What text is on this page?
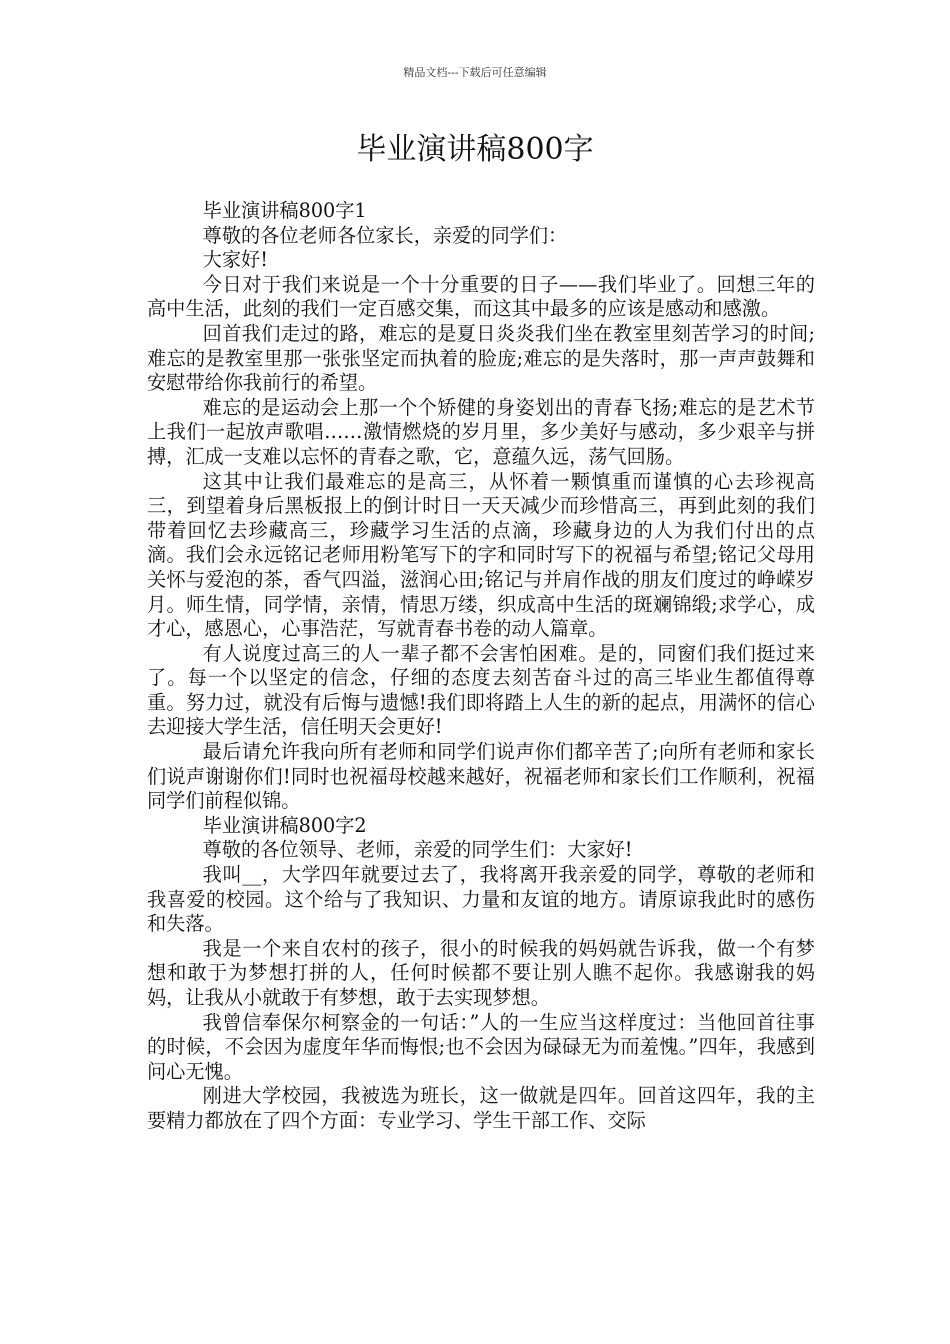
精品文档---下载后可任意编辑
毕业演讲稿800字

毕业演讲稿800字1

尊敬的各位老师各位家长，亲爱的同学们：

大家好!

今日对于我们来说是一个十分重要的日子——我们毕业了。回想三年的高中生活，此刻的我们一定百感交集，而这其中最多的应该是感动和感激。

回首我们走过的路，难忘的是夏日炎炎我们坐在教室里刻苦学习的时间;难忘的是教室里那一张张坚定而执着的脸庞;难忘的是失落时，那一声声鼓舞和安慰带给你我前行的希望。

难忘的是运动会上那一个个矫健的身姿划出的青春飞扬;难忘的是艺术节上我们一起放声歌唱……激情燃烧的岁月里，多少美好与感动，多少艰辛与拼搏，汇成一支难以忘怀的青春之歌，它，意蕴久远，荡气回肠。

这其中让我们最难忘的是高三，从怀着一颗慎重而谨慎的心去珍视高三，到望着身后黑板报上的倒计时日一天天减少而珍惜高三，再到此刻的我们带着回忆去珍藏高三，珍藏学习生活的点滴，珍藏身边的人为我们付出的点滴。我们会永远铭记老师用粉笔写下的字和同时写下的祝福与希望;铭记父母用关怀与爱泡的茶，香气四溢，滋润心田;铭记与并肩作战的朋友们度过的峥嵘岁月。师生情，同学情，亲情，情思万缕，织成高中生活的斑斓锦缎;求学心，成才心，感恩心，心事浩茫，写就青春书卷的动人篇章。

有人说度过高三的人一辈子都不会害怕困难。是的，同窗们我们挺过来了。每一个以坚定的信念，仔细的态度去刻苦奋斗过的高三毕业生都值得尊重。努力过，就没有后悔与遗憾!我们即将踏上人生的新的起点，用满怀的信心去迎接大学生活，信任明天会更好!

最后请允许我向所有老师和同学们说声你们都辛苦了;向所有老师和家长们说声谢谢你们!同时也祝福母校越来越好，祝福老师和家长们工作顺利，祝福同学们前程似锦。

毕业演讲稿800字2

尊敬的各位领导、老师，亲爱的同学生们：大家好!

我叫__，大学四年就要过去了，我将离开我亲爱的同学，尊敬的老师和我喜爱的校园。这个给与了我知识、力量和友谊的地方。请原谅我此时的感伤和失落。

我是一个来自农村的孩子，很小的时候我的妈妈就告诉我，做一个有梦想和敢于为梦想打拼的人，任何时候都不要让别人瞧不起你。我感谢我的妈妈，让我从小就敢于有梦想，敢于去实现梦想。

我曾信奉保尔柯察金的一句话：”人的一生应当这样度过：当他回首往事的时候，不会因为虚度年华而悔恨;也不会因为碌碌无为而羞愧。”四年，我感到问心无愧。

刚进大学校园，我被选为班长，这一做就是四年。回首这四年，我的主要精力都放在了四个方面：专业学习、学生干部工作、交际
